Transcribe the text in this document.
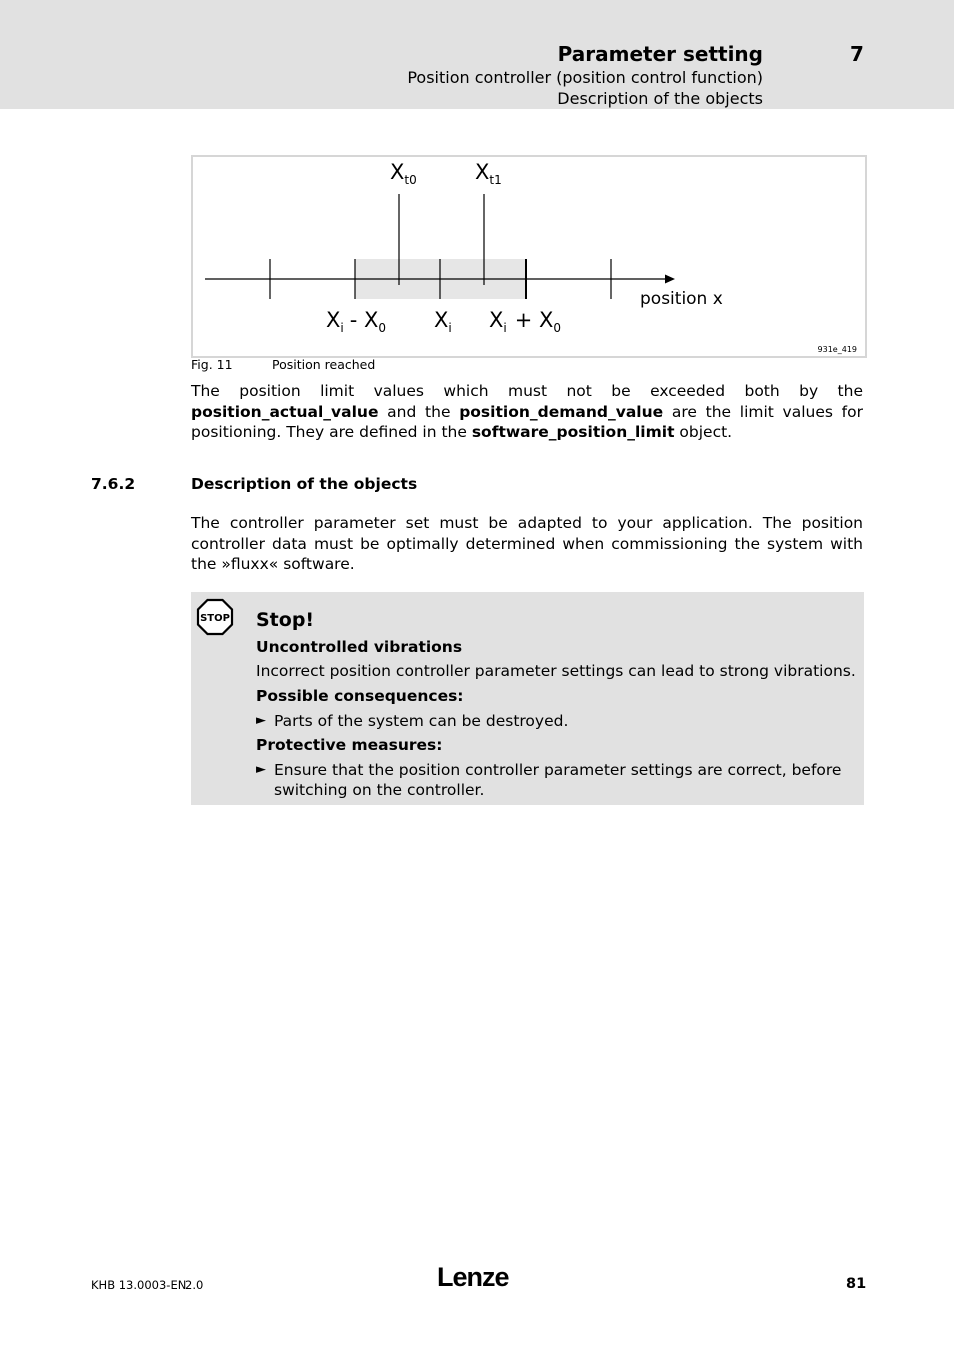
Parameter setting	7
Position controller (position control function)
Description of the objects
$X_{t0}$	$X_{t1}$
$X_i - X_0$ $X_i$ $X_i + X_0$
position x
931e_419
Fig. 11	Position reached
The position limit values which must not be exceeded both by the position_actual_value and the position_demand_value are the limit values for positioning. They are defined in the software_position_limit object.
7.6.2	Description of the objects
The controller parameter set must be adapted to your application. The position controller data must be optimally determined when commissioning the system with the »fluxx« software.
STOP Stop!
Uncontrolled vibrations
Incorrect position controller parameter settings can lead to strong vibrations.
Possible consequences:
► Parts of the system can be destroyed.
Protective measures:
► Ensure that the position controller parameter settings are correct, before switching on the controller.
KHB 13.0003-EN
2.0	Lenze	81
